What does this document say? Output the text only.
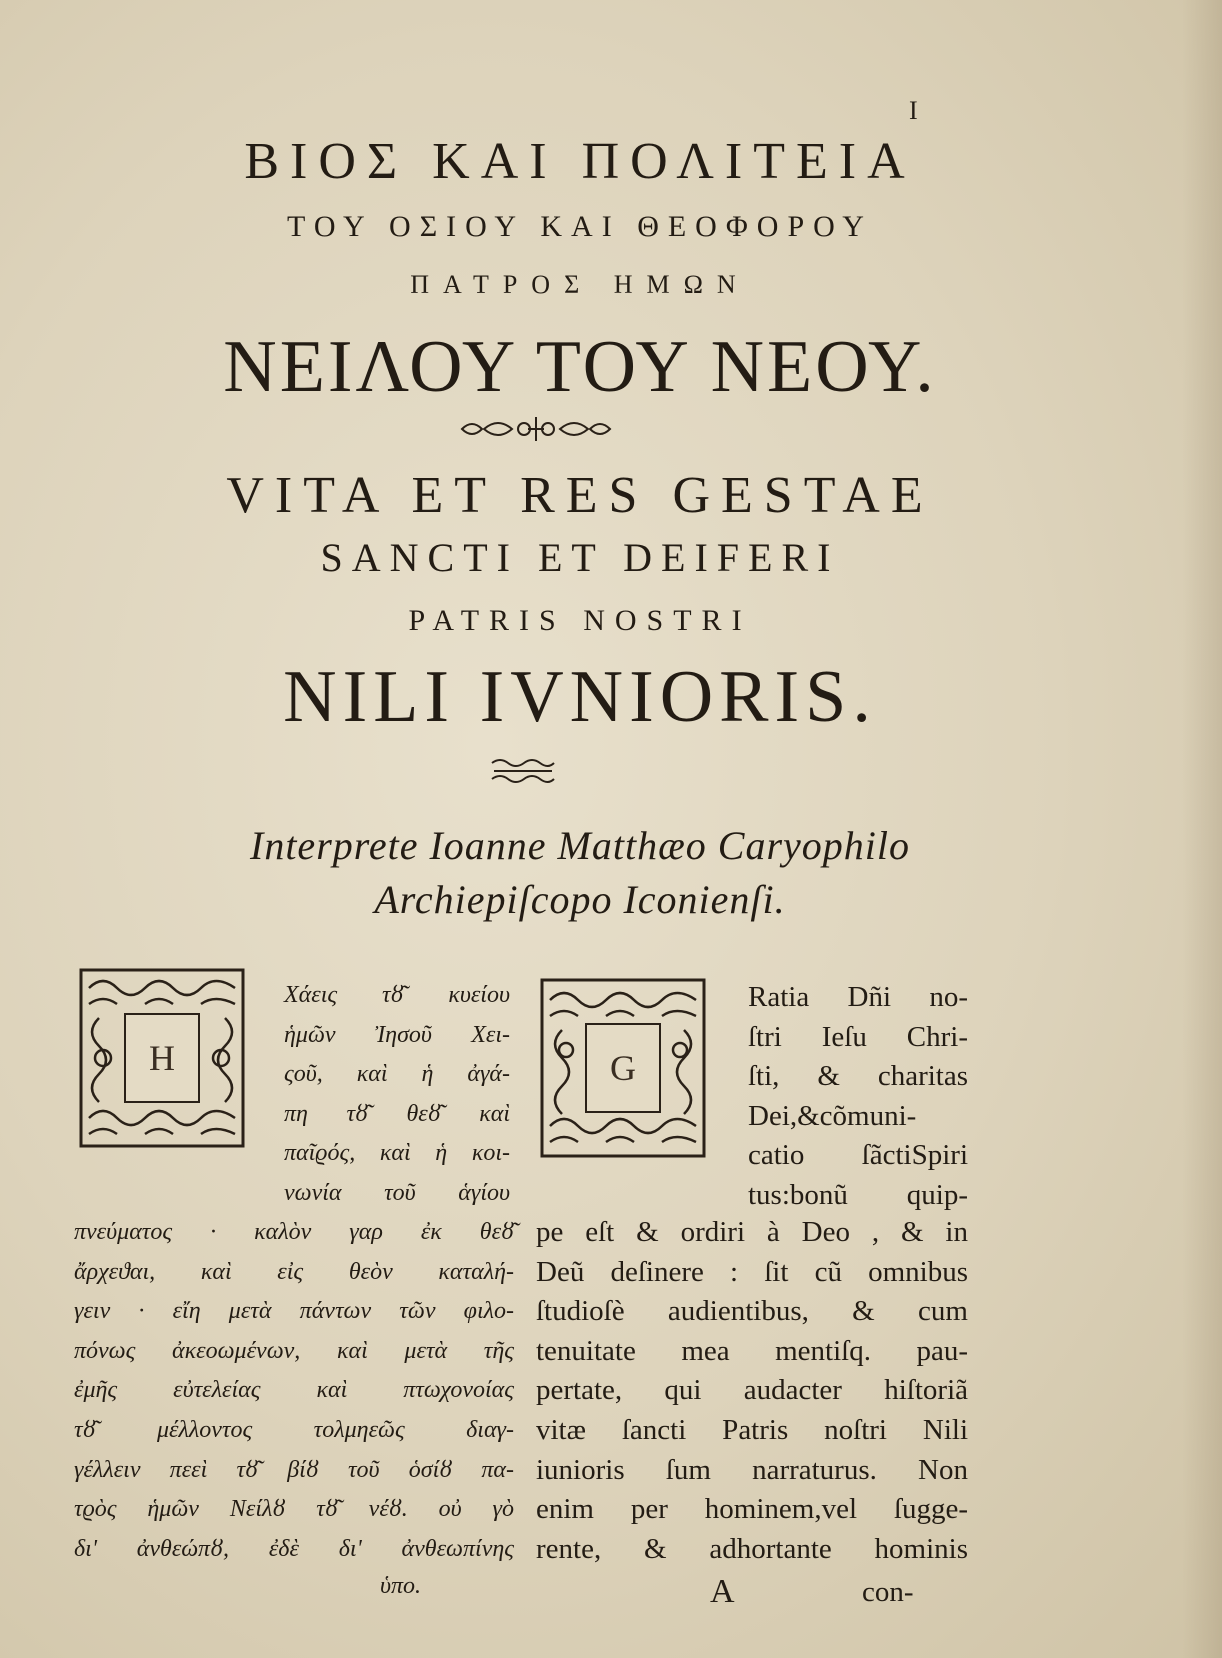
I
ΒΙΟΣ ΚΑΙ ΠΟΛΙΤΕΙΑ
ΤΟΥ ΟΣΙΟΥ ΚΑΙ ΘΕΟΦΟΡΟΥ
ΠΑΤΡΟΣ ΗΜΩΝ
ΝΕΙΛΟΥ ΤΟΥ ΝΕΟΥ.
VITA ET RES GESTAE
SANCTI ET DEIFERI
PATRIS NOSTRI
NILI IVNIORIS.
Interprete Ioanne Matthæo Caryophilo
Archiepiſcopo Iconienſi.
Η
Χάεις τȣ͂ κυείου
ἡμῶν Ἰησοῦ Χει-
ςοῦ, καὶ ἡ ἀγά-
πη τȣ͂ θεȣ͂ καὶ
παῖϱός, καὶ ἡ κοι-
νωνία τοῦ ἁγίου
πνεύματος · καλὸν γαρ ἐκ θεȣ͂
ἄρχεϑαι, καὶ εἰς θεὸν καταλή-
γειν · εἴη μετὰ πάντων τῶν φιλο-
πόνως ἀκεοωμένων, καὶ μετὰ τῆς
ἐμῆς εὐτελείας καὶ πτωχονοίας
τȣ͂ μέλλοντος τολμηεῶς διαγ-
γέλλειν πεεὶ τȣ͂ βίȣ τοῦ ὁσίȣ πα-
τϱὸς ἡμῶν Νείλȣ τȣ͂ νέȣ. οὐ γὸ
δι' ἀνθεώπȣ, ἐδὲ δι' ἀνθεωπίνης
ὑπο.
G
Ratia Dñi no-
ſtri Ieſu Chri-
ſti, & charitas
Dei,&cõmuni-
catio ſãctiSpiri
tus:bonũ quip-
pe eſt & ordiri à Deo , & in
Deũ deſinere : ſit cũ omnibus
ſtudioſè audientibus, & cum
tenuitate mea mentiſq. pau-
pertate, qui audacter hiſtoriã
vitæ ſancti Patris noſtri Nili
iunioris ſum narraturus. Non
enim per hominem,vel ſugge-
rente, & adhortante hominis
A	con-
